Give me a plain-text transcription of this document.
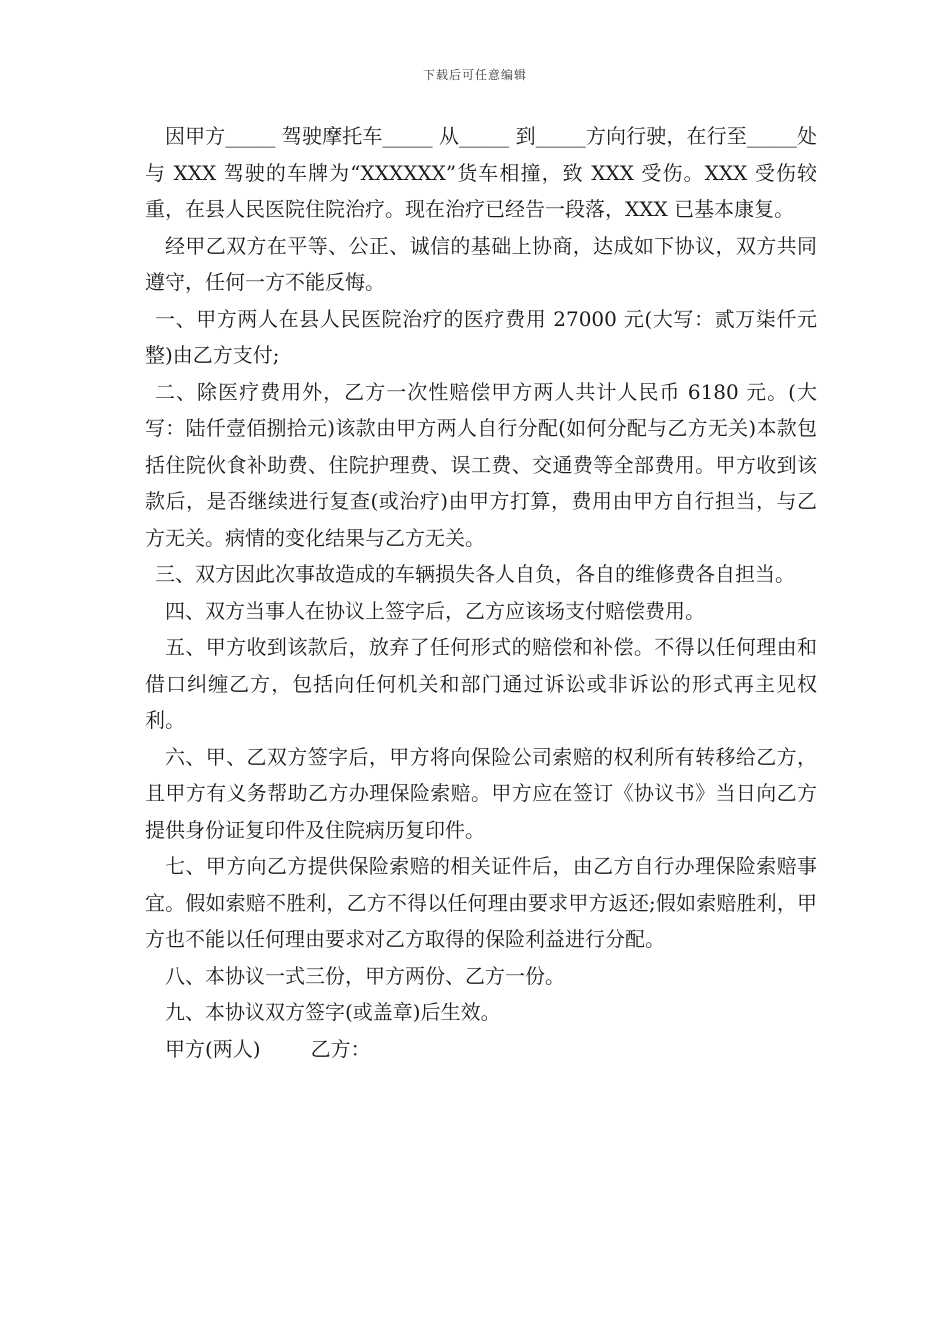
下载后可任意编辑

因甲方_____ 驾驶摩托车_____ 从_____ 到_____方向行驶，在行至_____处与 XXX 驾驶的车牌为“XXXXXX”货车相撞，致 XXX 受伤。XXX 受伤较重，在县人民医院住院治疗。现在治疗已经告一段落，XXX 已基本康复。

经甲乙双方在平等、公正、诚信的基础上协商，达成如下协议，双方共同遵守，任何一方不能反悔。

一、甲方两人在县人民医院治疗的医疗费用 27000 元(大写：贰万柒仟元整)由乙方支付;

二、除医疗费用外，乙方一次性赔偿甲方两人共计人民币 6180 元。(大写：陆仟壹佰捌拾元)该款由甲方两人自行分配(如何分配与乙方无关)本款包括住院伙食补助费、住院护理费、误工费、交通费等全部费用。甲方收到该款后，是否继续进行复查(或治疗)由甲方打算，费用由甲方自行担当，与乙方无关。病情的变化结果与乙方无关。

三、双方因此次事故造成的车辆损失各人自负，各自的维修费各自担当。

四、双方当事人在协议上签字后，乙方应该场支付赔偿费用。

五、甲方收到该款后，放弃了任何形式的赔偿和补偿。不得以任何理由和借口纠缠乙方，包括向任何机关和部门通过诉讼或非诉讼的形式再主见权利。

六、甲、乙双方签字后，甲方将向保险公司索赔的权利所有转移给乙方，且甲方有义务帮助乙方办理保险索赔。甲方应在签订《协议书》当日向乙方提供身份证复印件及住院病历复印件。

七、甲方向乙方提供保险索赔的相关证件后，由乙方自行办理保险索赔事宜。假如索赔不胜利，乙方不得以任何理由要求甲方返还;假如索赔胜利，甲方也不能以任何理由要求对乙方取得的保险利益进行分配。

八、本协议一式三份，甲方两份、乙方一份。

九、本协议双方签字(或盖章)后生效。

甲方(两人)	乙方：
